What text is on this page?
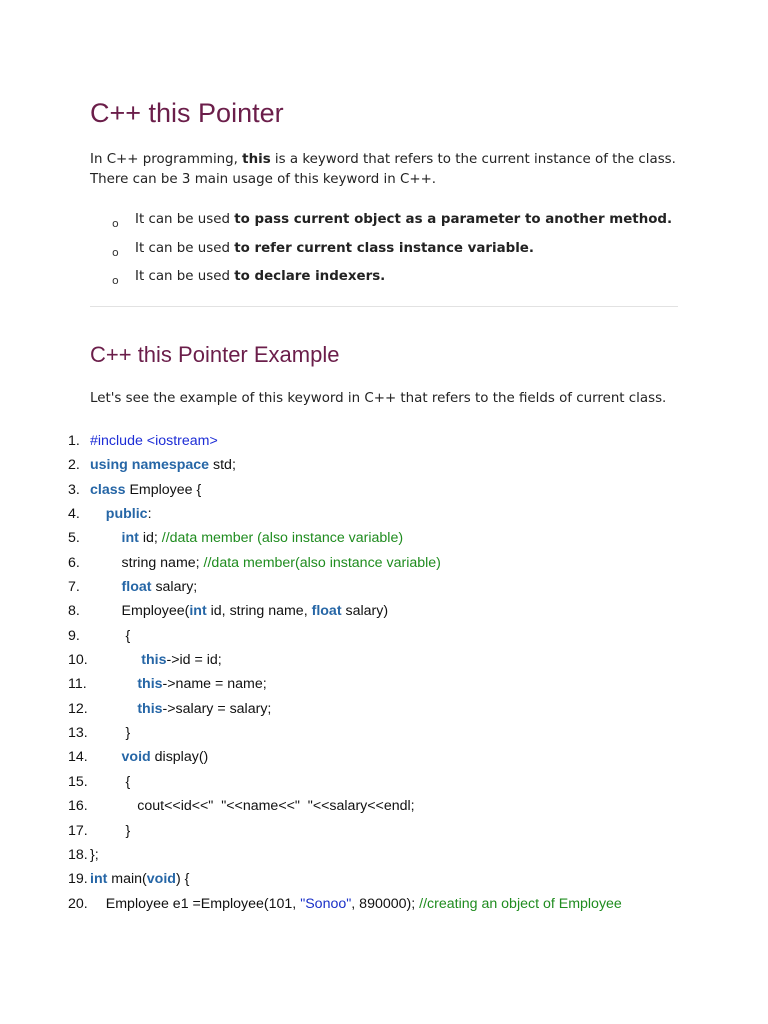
C++ this Pointer

In C++ programming, this is a keyword that refers to the current instance of the class.
There can be 3 main usage of this keyword in C++.

o It can be used to pass current object as a parameter to another method.
o It can be used to refer current class instance variable.
o It can be used to declare indexers.
C++ this Pointer Example

Let's see the example of this keyword in C++ that refers to the fields of current class.

1. #include <iostream>
2. using namespace std;
3. class Employee {
4.	public:
5.	int id; //data member (also instance variable)
6. string name; //data member(also instance variable)
7.	float salary;
8. Employee(int id, string name, float salary)
9. {
10.	this->id = id;
11.	this->name = name;
12.	this->salary = salary;
13. }
14.	void display()
15. {
16. cout<<id<<"  "<<name<<"  "<<salary<<endl;
17. }
18. };
19. int main(void) {
20. Employee e1 =Employee(101, "Sonoo", 890000); //creating an object of Employee
